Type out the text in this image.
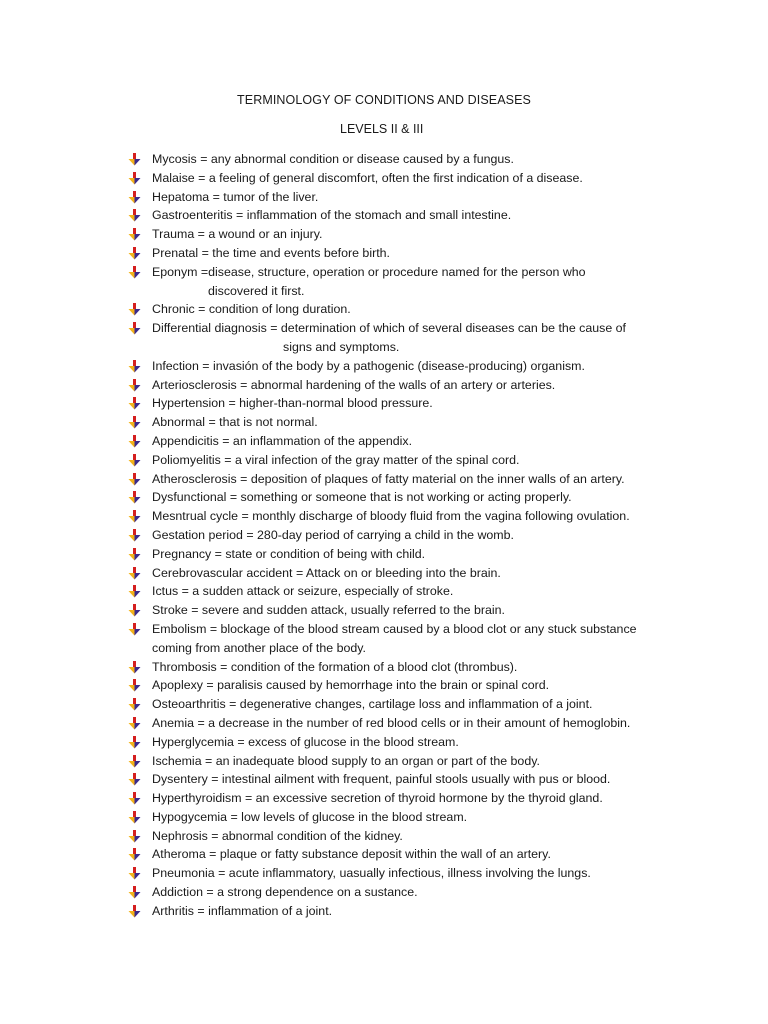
TERMINOLOGY OF CONDITIONS AND DISEASES
LEVELS II & III
Mycosis = any abnormal condition or disease caused by a fungus.
Malaise = a feeling of general discomfort, often the first indication of a disease.
Hepatoma = tumor of the liver.
Gastroenteritis = inflammation of the stomach and small intestine.
Trauma = a wound or an injury.
Prenatal = the time and events before birth.
Eponym =disease, structure, operation or procedure named for the person who
discovered it first.
Chronic = condition of long duration.
Differential diagnosis = determination of which of several diseases can be the cause of
signs and symptoms.
Infection = invasión of the body by a pathogenic (disease-producing) organism.
Arteriosclerosis = abnormal hardening of the walls of an artery or arteries.
Hypertension = higher-than-normal blood pressure.
Abnormal = that is not normal.
Appendicitis = an inflammation of the appendix.
Poliomyelitis = a viral infection of the gray matter of the spinal cord.
Atherosclerosis = deposition of plaques of fatty material on the inner walls of an artery.
Dysfunctional = something or someone that is not working or acting properly.
Mesntrual cycle = monthly discharge of bloody fluid from the vagina following ovulation.
Gestation period = 280-day period of carrying a child in the womb.
Pregnancy = state or condition of being with child.
Cerebrovascular accident = Attack on or bleeding into the brain.
Ictus = a sudden attack or seizure, especially of stroke.
Stroke = severe and sudden attack, usually referred to the brain.
Embolism = blockage of the blood stream caused by a blood clot or any stuck substance
coming from another place of the body.
Thrombosis = condition of the formation of a blood clot (thrombus).
Apoplexy = paralisis caused by hemorrhage into the brain or spinal cord.
Osteoarthritis = degenerative changes, cartilage loss and inflammation of a joint.
Anemia = a decrease in the number of red blood cells or in their amount of hemoglobin.
Hyperglycemia = excess of glucose in the blood stream.
Ischemia = an inadequate blood supply to an organ or part of the body.
Dysentery = intestinal ailment with frequent, painful stools usually with pus or blood.
Hyperthyroidism = an excessive secretion of thyroid hormone by the thyroid gland.
Hypogycemia = low levels of glucose in the blood stream.
Nephrosis = abnormal condition of the kidney.
Atheroma = plaque or fatty substance deposit within the wall of an artery.
Pneumonia = acute inflammatory, uasually infectious, illness involving the lungs.
Addiction = a strong dependence on a sustance.
Arthritis = inflammation of a joint.
